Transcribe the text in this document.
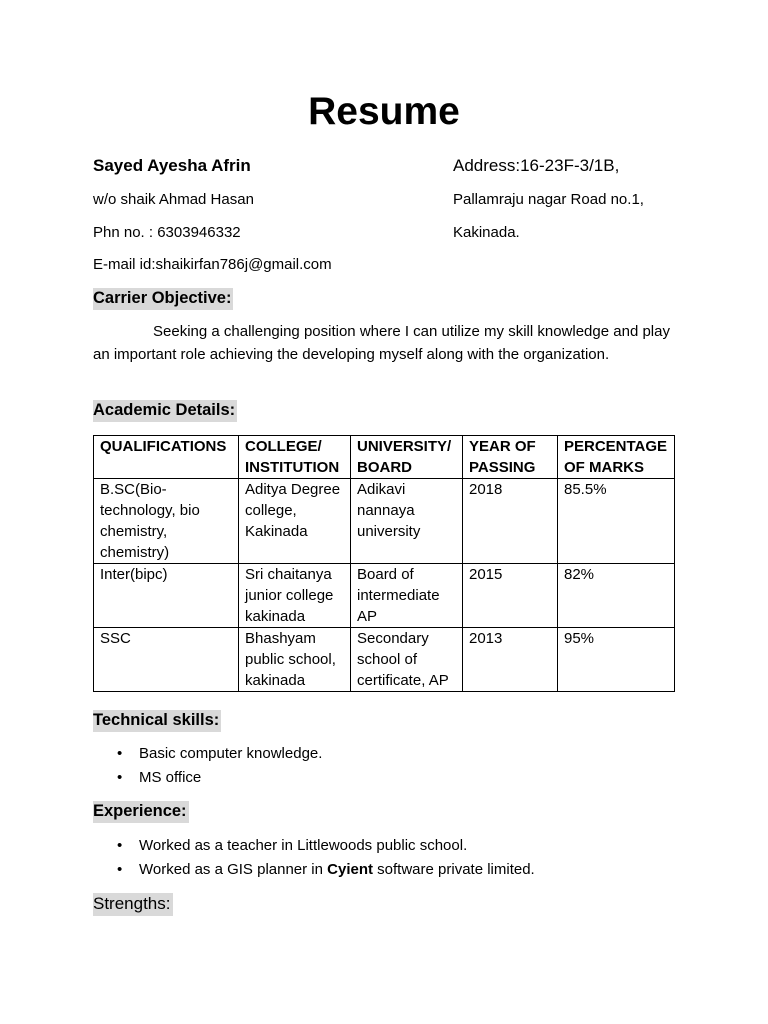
Resume
Sayed Ayesha Afrin	Address:16-23F-3/1B,
w/o shaik Ahmad Hasan	Pallamraju nagar Road no.1,
Phn no. : 6303946332	Kakinada.
E-mail id:shaikirfan786j@gmail.com
Carrier Objective:
Seeking a challenging position where I can utilize my skill knowledge and play an important role achieving the developing myself along with the organization.
Academic Details:
QUALIFICATIONS	COLLEGE/ INSTITUTION	UNIVERSITY/ BOARD	YEAR OF PASSING	PERCENTAGE OF MARKS
B.SC(Bio-technology, bio chemistry, chemistry)	Aditya Degree college, Kakinada	Adikavi nannaya university	2018	85.5%
Inter(bipc)	Sri chaitanya junior college kakinada	Board of intermediate AP	2015	82%
SSC	Bhashyam public school, kakinada	Secondary school of certificate, AP	2013	95%
Technical skills:
• Basic computer knowledge.
• MS office
Experience:
• Worked as a teacher in Littlewoods public school.
• Worked as a GIS planner in Cyient software private limited.
Strengths:
